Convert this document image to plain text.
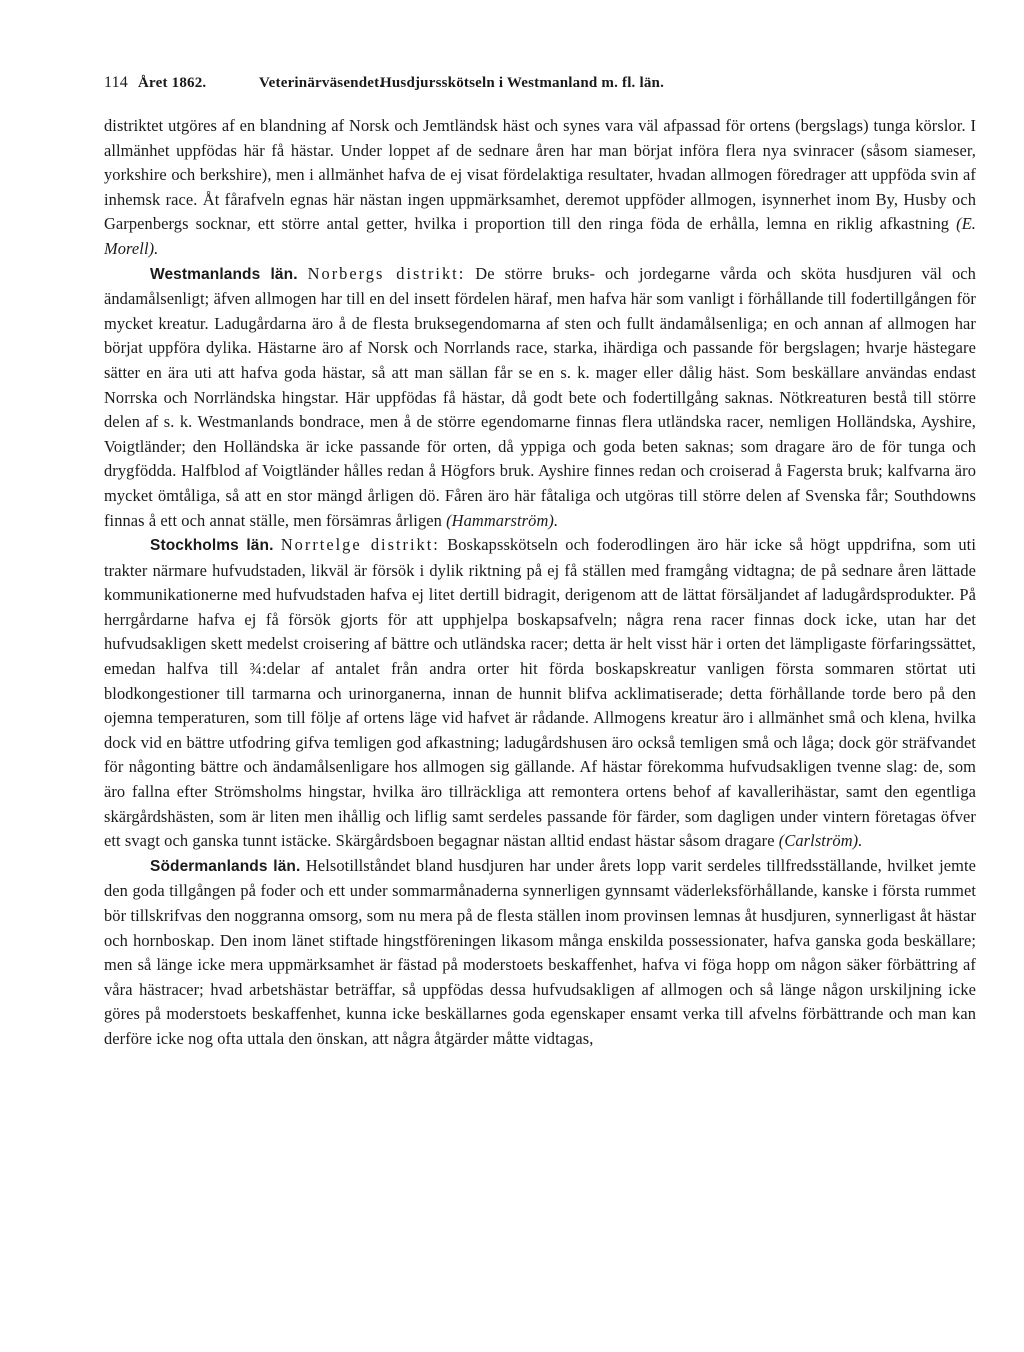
114 Året 1862.	Veterinärväsendet.
Husdjursskötseln i Westmanland m. fl. län.

distriktet utgöres af en blandning af Norsk och Jemtländsk häst och synes vara väl afpassad för ortens (bergslags) tunga körslor. I allmänhet uppfödas här få hästar. Under loppet af de sednare åren har man börjat införa flera nya svinracer (såsom siameser, yorkshire och berkshire), men i allmänhet hafva de ej visat fördelaktiga resultater, hvadan allmogen föredrager att uppföda svin af inhemsk race. Åt fårafveln egnas här nästan ingen uppmärksamhet, deremot uppföder allmogen, isynnerhet inom By, Husby och Garpenbergs socknar, ett större antal getter, hvilka i proportion till den ringa föda de erhålla, lemna en riklig afkastning (E. Morell).

Westmanlands län. Norbergs distrikt: De större bruks- och jordegarne vårda och sköta husdjuren väl och ändamålsenligt; äfven allmogen har till en del insett fördelen häraf, men hafva här som vanligt i förhållande till fodertillgången för mycket kreatur. Ladugårdarna äro å de flesta bruksegendomarna af sten och fullt ändamålsenliga; en och annan af allmogen har börjat uppföra dylika. Hästarne äro af Norsk och Norrlands race, starka, ihärdiga och passande för bergslagen; hvarje hästegare sätter en ära uti att hafva goda hästar, så att man sällan får se en s. k. mager eller dålig häst. Som beskällare användas endast Norrska och Norrländska hingstar. Här uppfödas få hästar, då godt bete och fodertillgång saknas. Nötkreaturen bestå till större delen af s. k. Westmanlands bondrace, men å de större egendomarne finnas flera utländska racer, nemligen Holländska, Ayshire, Voigtländer; den Holländska är icke passande för orten, då yppiga och goda beten saknas; som dragare äro de för tunga och drygfödda. Halfblod af Voigtländer hålles redan å Högfors bruk. Ayshire finnes redan och croiserad å Fagersta bruk; kalfvarna äro mycket ömtåliga, så att en stor mängd årligen dö. Fåren äro här fåtaliga och utgöras till större delen af Svenska får; Southdowns finnas å ett och annat ställe, men försämras årligen (Hammarström).

Stockholms län. Norrtelge distrikt: Boskapsskötseln och foderodlingen äro här icke så högt uppdrifna, som uti trakter närmare hufvudstaden, likväl är försök i dylik riktning på ej få ställen med framgång vidtagna; de på sednare åren lättade kommunikationerne med hufvudstaden hafva ej litet dertill bidragit, derigenom att de lättat försäljandet af ladugårdsprodukter. På herrgårdarne hafva ej få försök gjorts för att upphjelpa boskapsafveln; några rena racer finnas dock icke, utan har det hufvudsakligen skett medelst croisering af bättre och utländska racer; detta är helt visst här i orten det lämpligaste förfaringssättet, emedan halfva till ¾:delar af antalet från andra orter hit förda boskapskreatur vanligen första sommaren störtat uti blodkongestioner till tarmarna och urinorganerna, innan de hunnit blifva acklimatiserade; detta förhållande torde bero på den ojemna temperaturen, som till följe af ortens läge vid hafvet är rådande. Allmogens kreatur äro i allmänhet små och klena, hvilka dock vid en bättre utfodring gifva temligen god afkastning; ladugårdshusen äro också temligen små och låga; dock gör sträfvandet för någonting bättre och ändamålsenligare hos allmogen sig gällande. Af hästar förekomma hufvudsakligen tvenne slag: de, som äro fallna efter Strömsholms hingstar, hvilka äro tillräckliga att remontera ortens behof af kavallerihästar, samt den egentliga skärgårdshästen, som är liten men ihållig och liflig samt serdeles passande för färder, som dagligen under vintern företagas öfver ett svagt och ganska tunnt istäcke. Skärgårdsboen begagnar nästan alltid endast hästar såsom dragare (Carlström).

Södermanlands län. Helsotillståndet bland husdjuren har under årets lopp varit serdeles tillfredsställande, hvilket jemte den goda tillgången på foder och ett under sommarmånaderna synnerligen gynnsamt väderleksförhållande, kanske i första rummet bör tillskrifvas den noggranna omsorg, som nu mera på de flesta ställen inom provinsen lemnas åt husdjuren, synnerligast åt hästar och hornboskap. Den inom länet stiftade hingstföreningen likasom många enskilda possessionater, hafva ganska goda beskällare; men så länge icke mera uppmärksamhet är fästad på moderstoets beskaffenhet, hafva vi föga hopp om någon säker förbättring af våra hästracer; hvad arbetshästar beträffar, så uppfödas dessa hufvudsakligen af allmogen och så länge någon urskiljning icke göres på moderstoets beskaffenhet, kunna icke beskällarnes goda egenskaper ensamt verka till afvelns förbättrande och man kan derföre icke nog ofta uttala den önskan, att några åtgärder måtte vidtagas,
